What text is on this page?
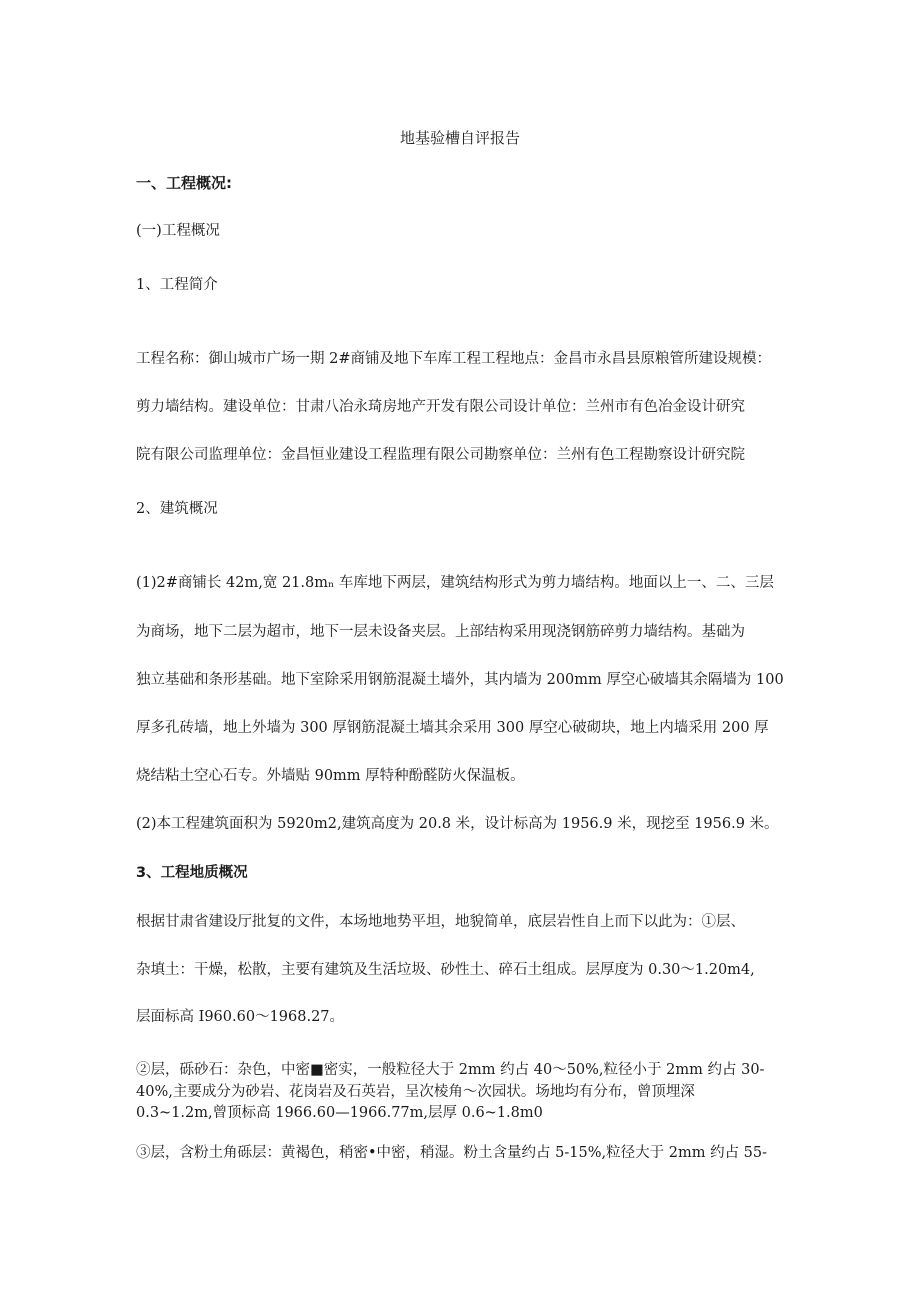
地基验槽自评报告

一、工程概况:

(一)工程概况

1、工程简介

工程名称：御山城市广场一期 2#商铺及地下车库工程工程地点：金昌市永昌县原粮管所建设规模：

剪力墙结构。建设单位：甘肃八冶永琦房地产开发有限公司设计单位：兰州市有色冶金设计研究

院有限公司监理单位：金昌恒业建设工程监理有限公司勘察单位：兰州有色工程勘察设计研究院

2、建筑概况

(1)2#商铺长 42m,宽 21.8mₙ 车库地下两层，建筑结构形式为剪力墙结构。地面以上一、二、三层

为商场，地下二层为超市，地下一层未设备夹层。上部结构采用现浇钢筋碎剪力墙结构。基础为

独立基础和条形基础。地下室除采用钢筋混凝土墙外，其内墙为 200mm 厚空心破墙其余隔墙为 100

厚多孔砖墙，地上外墙为 300 厚钢筋混凝土墙其余采用 300 厚空心破砌块，地上内墙采用 200 厚

烧结粘土空心石专。外墙贴 90mm 厚特种酚醛防火保温板。

(2)本工程建筑面积为 5920m2,建筑高度为 20.8 米，设计标高为 1956.9 米，现挖至 1956.9 米。

3、工程地质概况

根据甘肃省建设厅批复的文件，本场地地势平坦，地貌简单，底层岩性自上而下以此为：①层、

杂填土：干燥，松散，主要有建筑及生活垃圾、砂性土、碎石土组成。层厚度为 0.30～1.20m4,

层面标高 I960.60～1968.27。

②层，砾砂石：杂色，中密■密实，一般粒径大于 2mm 约占 40～50%,粒径小于 2mm 约占 30-

40%,主要成分为砂岩、花岗岩及石英岩，呈次棱角～次园状。场地均有分布，曾顶埋深

0.3~1.2m,曾顶标高 1966.60—1966.77m,层厚 0.6~1.8m0

③层，含粉土角砾层：黄褐色，稍密•中密，稍湿。粉土含量约占 5-15%,粒径大于 2mm 约占 55-
